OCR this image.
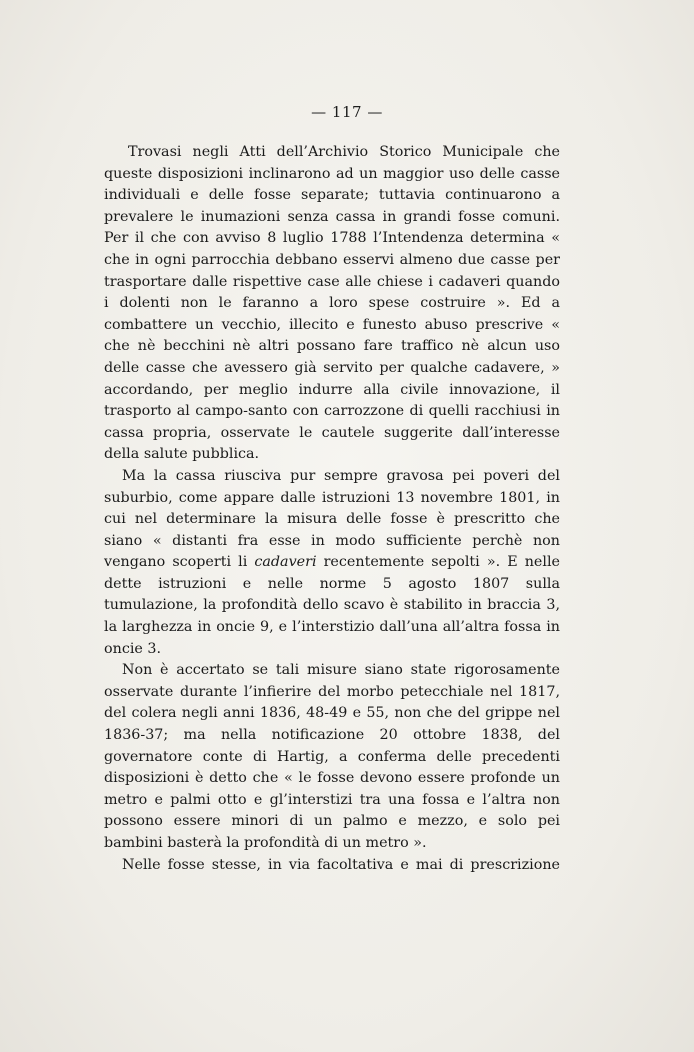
— 117 —

Trovasi negli Atti dell’Archivio Storico Municipale che queste disposizioni inclinarono ad un maggior uso delle casse individuali e delle fosse separate; tuttavia continuarono a prevalere le inumazioni senza cassa in grandi fosse comuni. Per il che con avviso 8 luglio 1788 l’Intendenza determina « che in ogni parrocchia debbano esservi almeno due casse per trasportare dalle rispettive case alle chiese i cadaveri quando i dolenti non le faranno a loro spese costruire ». Ed a combattere un vecchio, illecito e funesto abuso prescrive « che nè becchini nè altri possano fare traffico nè alcun uso delle casse che avessero già servito per qualche cadavere, » accordando, per meglio indurre alla civile innovazione, il trasporto al campo-santo con carrozzone di quelli racchiusi in cassa propria, osservate le cautele suggerite dall’interesse della salute pubblica.

Ma la cassa riusciva pur sempre gravosa pei poveri del suburbio, come appare dalle istruzioni 13 novembre 1801, in cui nel determinare la misura delle fosse è prescritto che siano « distanti fra esse in modo sufficiente perchè non vengano scoperti li cadaveri recentemente sepolti ». E nelle dette istruzioni e nelle norme 5 agosto 1807 sulla tumulazione, la profondità dello scavo è stabilito in braccia 3, la larghezza in oncie 9, e l’interstizio dall’una all’altra fossa in oncie 3.

Non è accertato se tali misure siano state rigorosamente osservate durante l’infierire del morbo petecchiale nel 1817, del colera negli anni 1836, 48-49 e 55, non che del grippe nel 1836-37; ma nella notificazione 20 ottobre 1838, del governatore conte di Hartig, a conferma delle precedenti disposizioni è detto che « le fosse devono essere profonde un metro e palmi otto e gl’interstizi tra una fossa e l’altra non possono essere minori di un palmo e mezzo, e solo pei bambini basterà la profondità di un metro ».

Nelle fosse stesse, in via facoltativa e mai di prescrizione
